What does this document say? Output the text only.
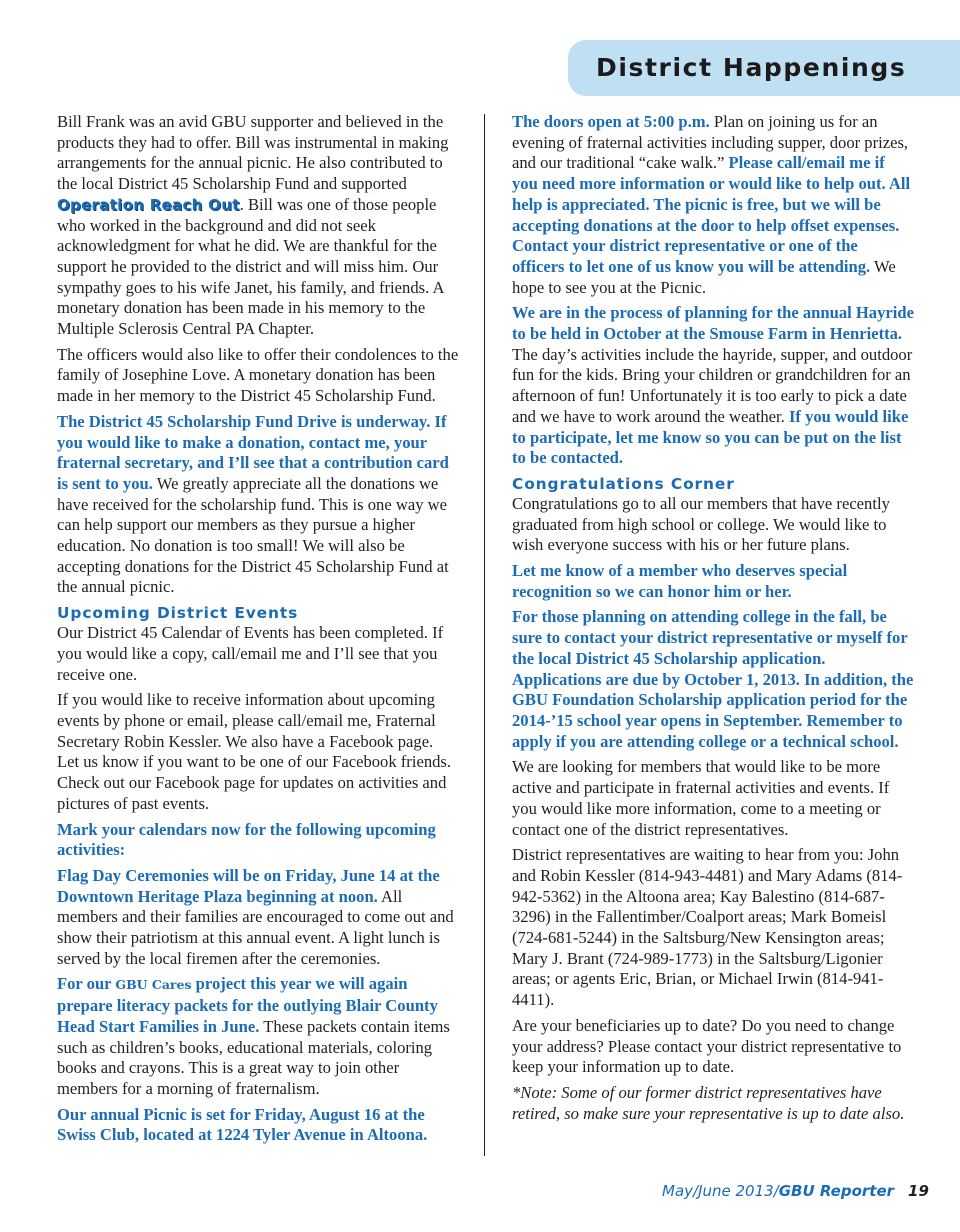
District Happenings

Bill Frank was an avid GBU supporter and believed in the products they had to offer. Bill was instrumental in making arrangements for the annual picnic. He also contributed to the local District 45 Scholarship Fund and supported Operation Reach Out. Bill was one of those people who worked in the background and did not seek acknowledgment for what he did. We are thankful for the support he provided to the district and will miss him. Our sympathy goes to his wife Janet, his family, and friends. A monetary donation has been made in his memory to the Multiple Sclerosis Central PA Chapter.

The officers would also like to offer their condolences to the family of Josephine Love. A monetary donation has been made in her memory to the District 45 Scholarship Fund.

The District 45 Scholarship Fund Drive is underway. If you would like to make a donation, contact me, your fraternal secretary, and I’ll see that a contribution card is sent to you. We greatly appreciate all the donations we have received for the scholarship fund. This is one way we can help support our members as they pursue a higher education. No donation is too small! We will also be accepting donations for the District 45 Scholarship Fund at the annual picnic.

Upcoming District Events

Our District 45 Calendar of Events has been completed. If you would like a copy, call/email me and I’ll see that you receive one.

If you would like to receive information about upcoming events by phone or email, please call/email me, Fraternal Secretary Robin Kessler. We also have a Facebook page. Let us know if you want to be one of our Facebook friends. Check out our Facebook page for updates on activities and pictures of past events.

Mark your calendars now for the following upcoming activities:

Flag Day Ceremonies will be on Friday, June 14 at the Downtown Heritage Plaza beginning at noon. All members and their families are encouraged to come out and show their patriotism at this annual event. A light lunch is served by the local firemen after the ceremonies.

For our GBU Cares project this year we will again prepare literacy packets for the outlying Blair County Head Start Families in June. These packets contain items such as children’s books, educational materials, coloring books and crayons. This is a great way to join other members for a morning of fraternalism.

Our annual Picnic is set for Friday, August 16 at the Swiss Club, located at 1224 Tyler Avenue in Altoona.

The doors open at 5:00 p.m. Plan on joining us for an evening of fraternal activities including supper, door prizes, and our traditional “cake walk.” Please call/email me if you need more information or would like to help out. All help is appreciated. The picnic is free, but we will be accepting donations at the door to help offset expenses. Contact your district representative or one of the officers to let one of us know you will be attending. We hope to see you at the Picnic.

We are in the process of planning for the annual Hayride to be held in October at the Smouse Farm in Henrietta. The day’s activities include the hayride, supper, and outdoor fun for the kids. Bring your children or grandchildren for an afternoon of fun! Unfortunately it is too early to pick a date and we have to work around the weather. If you would like to participate, let me know so you can be put on the list to be contacted.

Congratulations Corner

Congratulations go to all our members that have recently graduated from high school or college. We would like to wish everyone success with his or her future plans.

Let me know of a member who deserves special recognition so we can honor him or her.

For those planning on attending college in the fall, be sure to contact your district representative or myself for the local District 45 Scholarship application. Applications are due by October 1, 2013. In addition, the GBU Foundation Scholarship application period for the 2014-’15 school year opens in September. Remember to apply if you are attending college or a technical school.

We are looking for members that would like to be more active and participate in fraternal activities and events. If you would like more information, come to a meeting or contact one of the district representatives.

District representatives are waiting to hear from you: John and Robin Kessler (814-943-4481) and Mary Adams (814-942-5362) in the Altoona area; Kay Balestino (814-687-3296) in the Fallentimber/Coalport areas; Mark Bomeisl (724-681-5244) in the Saltsburg/New Kensington areas; Mary J. Brant (724-989-1773) in the Saltsburg/Ligonier areas; or agents Eric, Brian, or Michael Irwin (814-941-4411).

Are your beneficiaries up to date? Do you need to change your address? Please contact your district representative to keep your information up to date.

*Note: Some of our former district representatives have retired, so make sure your representative is up to date also.

May/June 2013/GBU Reporter 19
